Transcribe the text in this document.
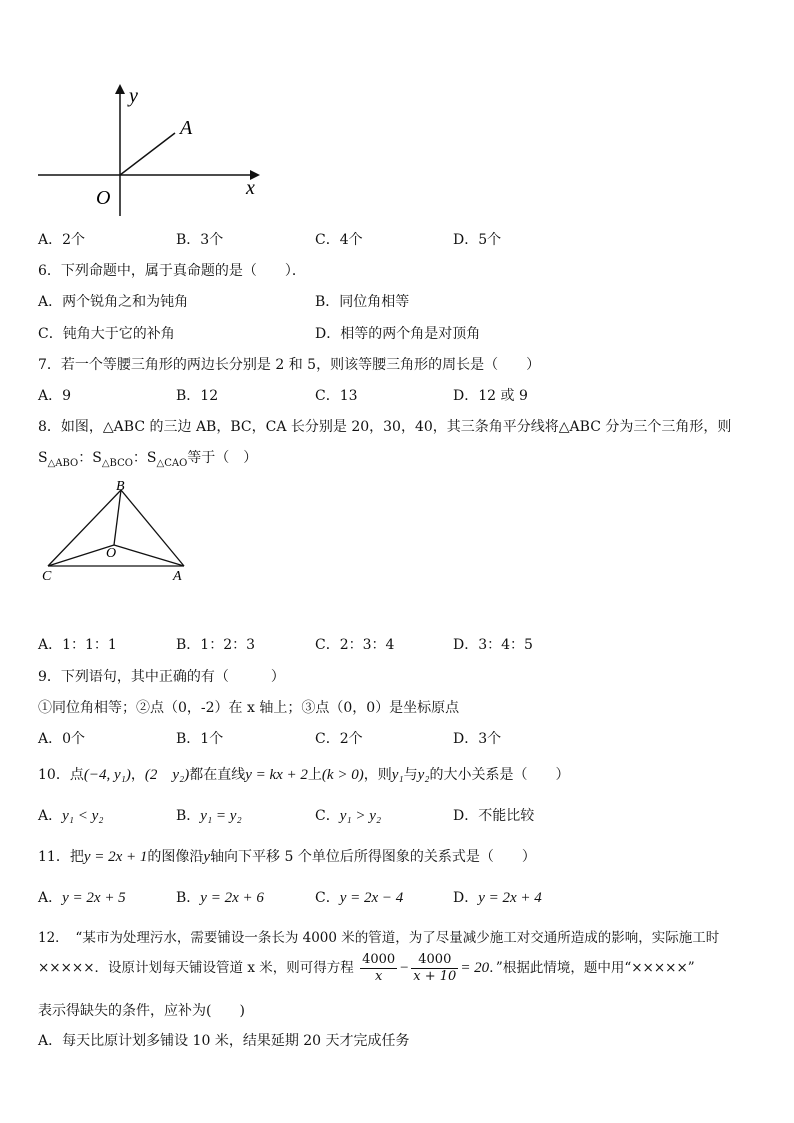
y
x
O
A
A．2个	B．3个	C．4个	D．5个
6．下列命题中，属于真命题的是（　　）．
A．两个锐角之和为钝角	B．同位角相等
C．钝角大于它的补角	D．相等的两个角是对顶角
7．若一个等腰三角形的两边长分别是 2 和 5，则该等腰三角形的周长是（　　）
A．9	B．12	C．13	D．12 或 9
8．如图，△ABC 的三边 AB，BC，CA 长分别是 20，30，40，其三条角平分线将△ABC 分为三个三角形，则
$S_{\triangle ABO}$：$S_{\triangle BCO}$：$S_{\triangle CAO}$等于（　）
B
O
C	A
A．1：1：1	B．1：2：3	C．2：3：4	D．3：4：5
9．下列语句，其中正确的有（　　　）
①同位角相等；②点（0，-2）在 x 轴上；③点（0，0）是坐标原点
A．0个	B．1个	C．2个	D．3个
10．点(−4, y₁)，(2　y₂)都在直线y = kx + 2上(k > 0)，则y₁与y₂的大小关系是（　　）
A．y₁ < y₂	B．y₁ = y₂	C．y₁ > y₂	D．不能比较
11．把y = 2x + 1的图像沿y轴向下平移 5 个单位后所得图象的关系式是（　　）
A．y = 2x + 5	B．y = 2x + 6	C．y = 2x − 4	D．y = 2x + 4
12．　“某市为处理污水，需要铺设一条长为 4000 米的管道，为了尽量减少施工对交通所造成的影响，实际施工时
×××××．设原计划每天铺设管道 x 米，则可得方程 $\frac{4000}{x} - \frac{4000}{x + 10} = 20$．”根据此情境，题中用“×××××”
表示得缺失的条件，应补为(　　)
A．每天比原计划多铺设 10 米，结果延期 20 天才完成任务
